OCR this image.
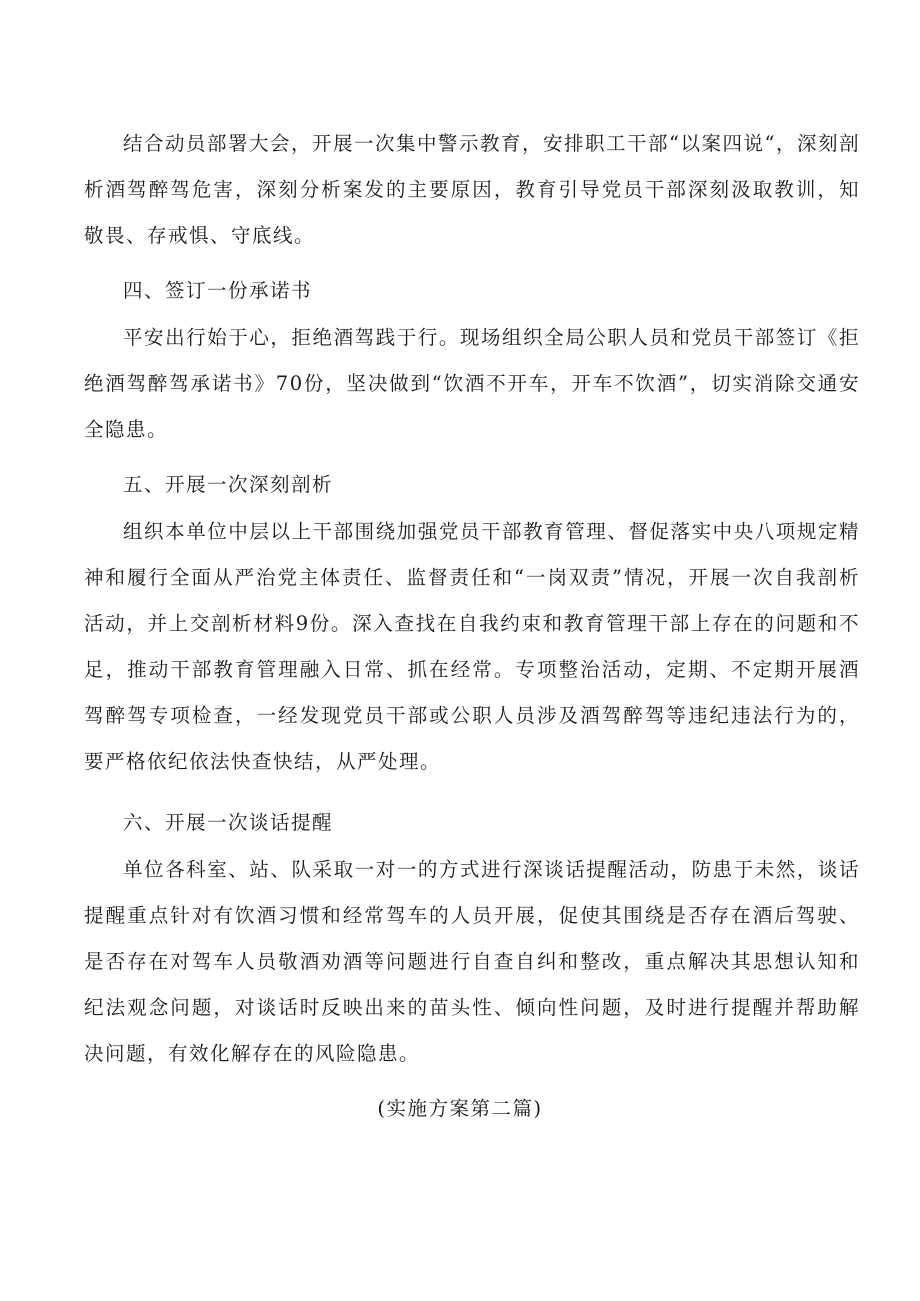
结合动员部署大会，开展一次集中警示教育，安排职工干部“以案四说“，深刻剖析酒驾醉驾危害，深刻分析案发的主要原因，教育引导党员干部深刻汲取教训，知敬畏、存戒惧、守底线。

四、签订一份承诺书

平安出行始于心，拒绝酒驾践于行。现场组织全局公职人员和党员干部签订《拒绝酒驾醉驾承诺书》70份，坚决做到“饮酒不开车，开车不饮酒”，切实消除交通安全隐患。

五、开展一次深刻剖析

组织本单位中层以上干部围绕加强党员干部教育管理、督促落实中央八项规定精神和履行全面从严治党主体责任、监督责任和“一岗双责”情况，开展一次自我剖析活动，并上交剖析材料9份。深入查找在自我约束和教育管理干部上存在的问题和不足，推动干部教育管理融入日常、抓在经常。专项整治活动，定期、不定期开展酒驾醉驾专项检查，一经发现党员干部或公职人员涉及酒驾醉驾等违纪违法行为的，要严格依纪依法快查快结，从严处理。

六、开展一次谈话提醒

单位各科室、站、队采取一对一的方式进行深谈话提醒活动，防患于未然，谈话提醒重点针对有饮酒习惯和经常驾车的人员开展，促使其围绕是否存在酒后驾驶、是否存在对驾车人员敬酒劝酒等问题进行自查自纠和整改，重点解决其思想认知和纪法观念问题，对谈话时反映出来的苗头性、倾向性问题，及时进行提醒并帮助解决问题，有效化解存在的风险隐患。

(实施方案第二篇)
